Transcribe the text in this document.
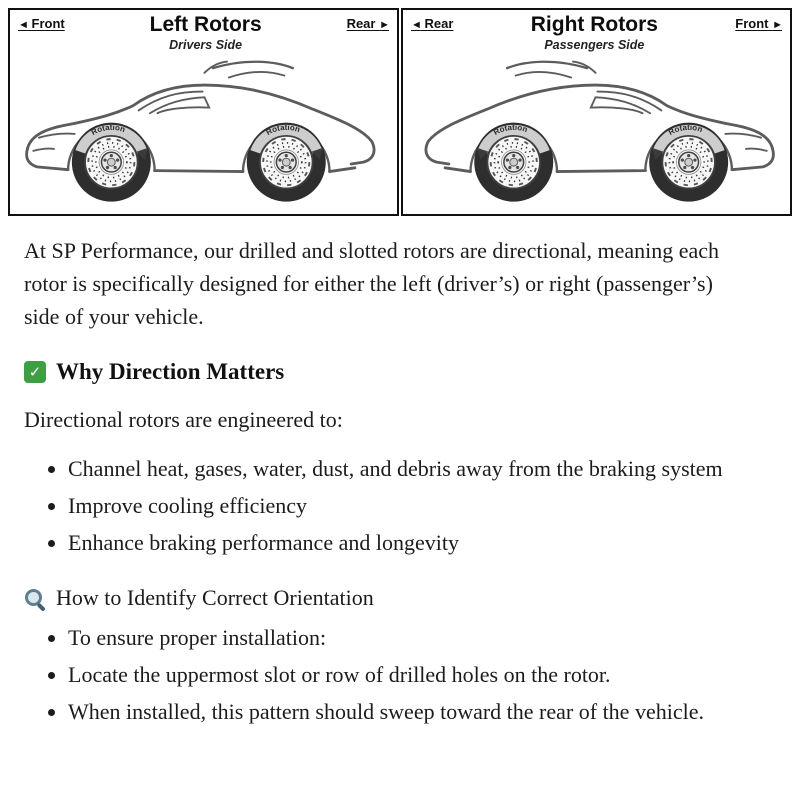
◄ Front	Left Rotors
Drivers Side
Rear ►
Rotation	Rotation
◄ Rear	Right Rotors
Passengers Side
Front ►
Rotation	Rotation

At SP Performance, our drilled and slotted rotors are directional, meaning each rotor is specifically designed for either the left (driver’s) or right (passenger’s) side of your vehicle.

✓
Why Direction Matters

Directional rotors are engineered to:

• Channel heat, gases, water, dust, and debris away from the braking system
• Improve cooling efficiency
• Enhance braking performance and longevity
How to Identify Correct Orientation
• To ensure proper installation:
• Locate the uppermost slot or row of drilled holes on the rotor.
• When installed, this pattern should sweep toward the rear of the vehicle.
